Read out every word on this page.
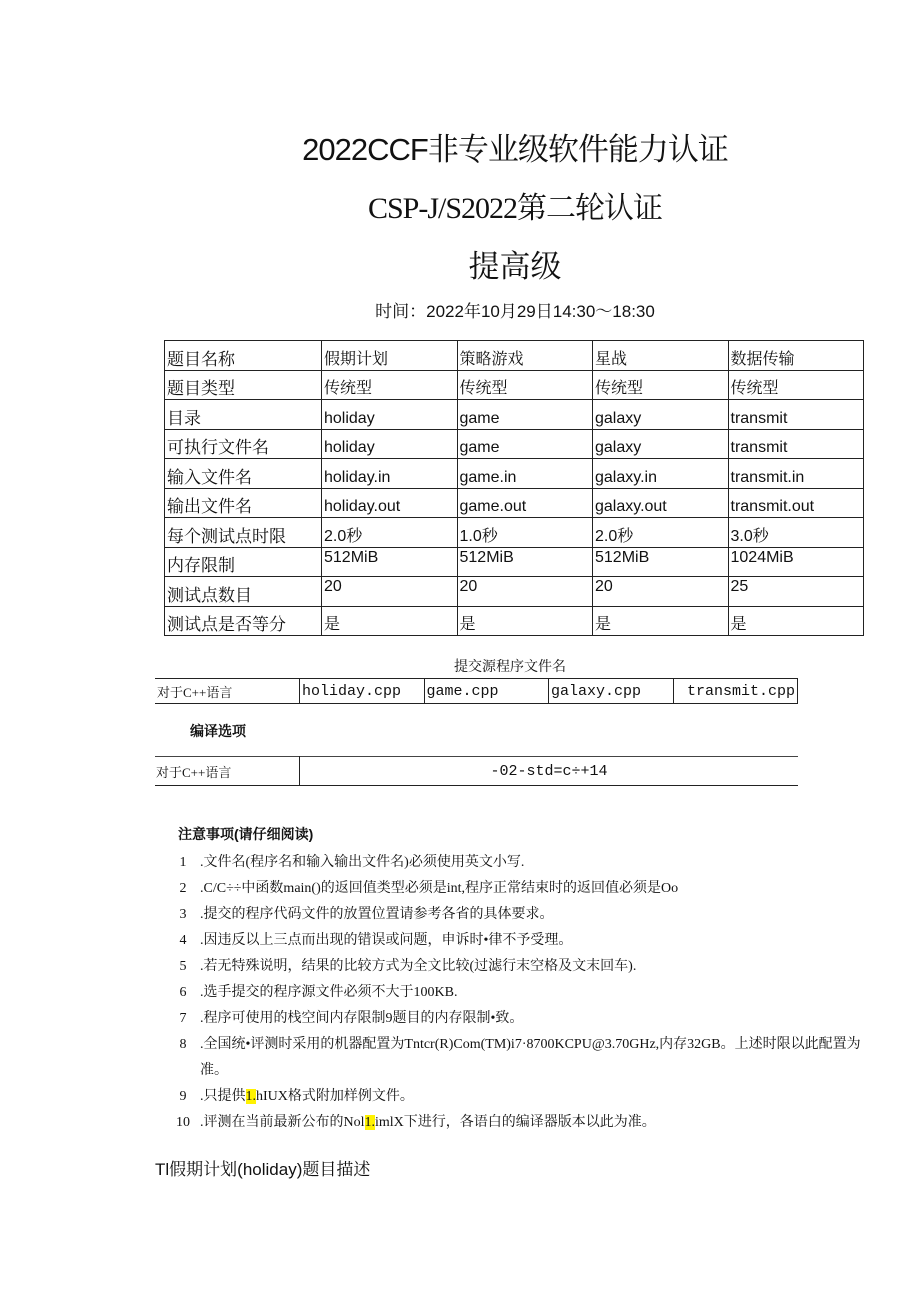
2022CCF非专业级软件能力认证
CSP-J/S2022第二轮认证
提高级
时间：2022年10月29日14:30～18:30
题目名称	假期计划	策略游戏	星战	数据传输
题目类型	传统型	传统型	传统型	传统型
目录	holiday	game	galaxy	transmit
可执行文件名	holiday	game	galaxy	transmit
输入文件名	holiday.in	game.in	galaxy.in	transmit.in
输出文件名	holiday.out	game.out	galaxy.out	transmit.out
每个测试点时限	2.0秒	1.0秒	2.0秒	3.0秒
内存限制	512MiB	512MiB	512MiB	1024MiB
测试点数目	20	20	20	25
测试点是否等分	是	是	是	是
提交源程序文件名
对于C++语言	holiday.cpp	game.cpp	galaxy.cpp	transmit.cpp
编译选项
对于C++语言	-02-std=c÷+14
注意事项(请仔细阅读)
1 .文件名(程序名和输入输出文件名)必须使用英文小写.
2 .C/C÷÷中函数main()的返回值类型必须是int,程序正常结束时的返回值必须是Oo
3 .提交的程序代码文件的放置位置请参考各省的具体要求。
4 .因违反以上三点而出现的错误或问题，申诉时•律不予受理。
5 .若无特殊说明，结果的比较方式为全文比较(过滤行末空格及文末回车).
6 .选手提交的程序源文件必须不大于100KB.
7 .程序可使用的栈空间内存限制9题目的内存限制•致。
8 .全国统•评测时采用的机器配置为Tntcr(R)Com(TM)i7·8700KCPU@3.70GHz,内存32GB。上述时限以此配置为准。
9 .只提供1.hIUX格式附加样例文件。
10 .评测在当前最新公布的Nol1.imlX下进行，各语白的编译器版本以此为准。
Tl假期计划(holiday)题目描述
